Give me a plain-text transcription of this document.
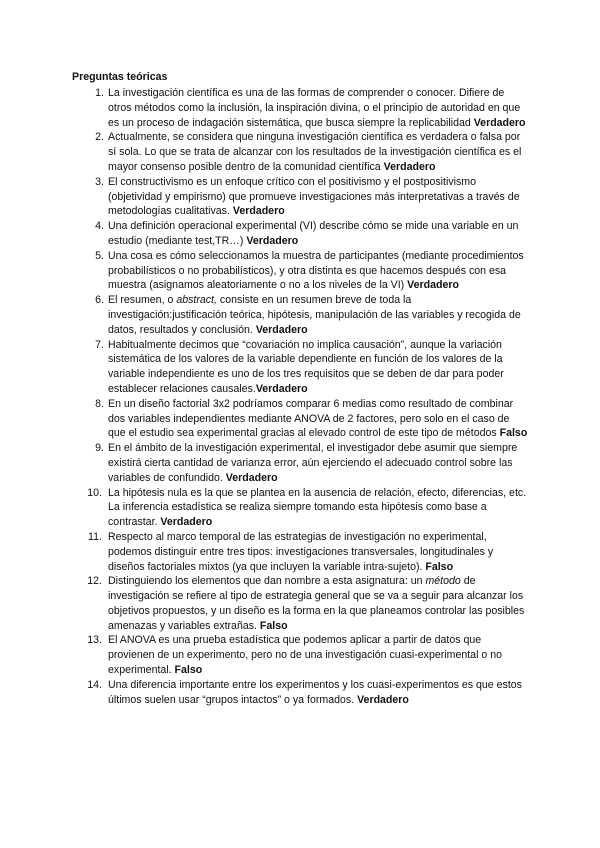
Preguntas teóricas
1. La investigación científica es una de las formas de comprender o conocer. Difiere de otros métodos como la inclusión, la inspiración divina, o el principio de autoridad en que es un proceso de indagación sistemática, que busca siempre la replicabilidad Verdadero
2. Actualmente, se considera que ninguna investigación científica es verdadera o falsa por sí sola. Lo que se trata de alcanzar con los resultados de la investigación científica es el mayor consenso posible dentro de la comunidad científica Verdadero
3. El constructivismo es un enfoque crítico con el positivismo y el postpositivismo (objetividad y empirismo) que promueve investigaciones más interpretativas a través de metodologías cualitativas. Verdadero
4. Una definición operacional experimental (VI) describe cómo se mide una variable en un estudio (mediante test,TR…) Verdadero
5. Una cosa es cómo seleccionamos la muestra de participantes (mediante procedimientos probabilísticos o no probabilísticos), y otra distinta es que hacemos después con esa muestra (asignamos aleatoriamente o no a los niveles de la VI) Verdadero
6. El resumen, o abstract, consiste en un resumen breve de toda la investigación:justificación teórica, hipótesis, manipulación de las variables y recogida de datos, resultados y conclusión. Verdadero
7. Habitualmente decimos que “covariación no implica causación”, aunque la variación sistemática de los valores de la variable dependiente en función de los valores de la variable independiente es uno de los tres requisitos que se deben de dar para poder establecer relaciones causales.Verdadero
8. En un diseño factorial 3x2 podríamos comparar 6 medias como resultado de combinar dos variables independientes mediante ANOVA de 2 factores, pero solo en el caso de que el estudio sea experimental gracias al elevado control de este tipo de métodos Falso
9. En el ámbito de la investigación experimental, el investigador debe asumir que siempre existirá cierta cantidad de varianza error, aún ejerciendo el adecuado control sobre las variables de confundido. Verdadero
10. La hipótesis nula es la que se plantea en la ausencia de relación, efecto, diferencias, etc. La inferencia estadística se realiza siempre tomando esta hipótesis como base a contrastar. Verdadero
11. Respecto al marco temporal de las estrategias de investigación no experimental, podemos distinguir entre tres tipos: investigaciones transversales, longitudinales y diseños factoriales mixtos (ya que incluyen la variable intra-sujeto). Falso
12. Distinguiendo los elementos que dan nombre a esta asignatura: un método de investigación se refiere al tipo de estrategia general que se va a seguir para alcanzar los objetivos propuestos, y un diseño es la forma en la que planeamos controlar las posibles amenazas y variables extrañas. Falso
13. El ANOVA es una prueba estadística que podemos aplicar a partir de datos que provienen de un experimento, pero no de una investigación cuasi-experimental o no experimental. Falso
14. Una diferencia importante entre los experimentos y los cuasi-experimentos es que estos últimos suelen usar “grupos intactos” o ya formados. Verdadero
